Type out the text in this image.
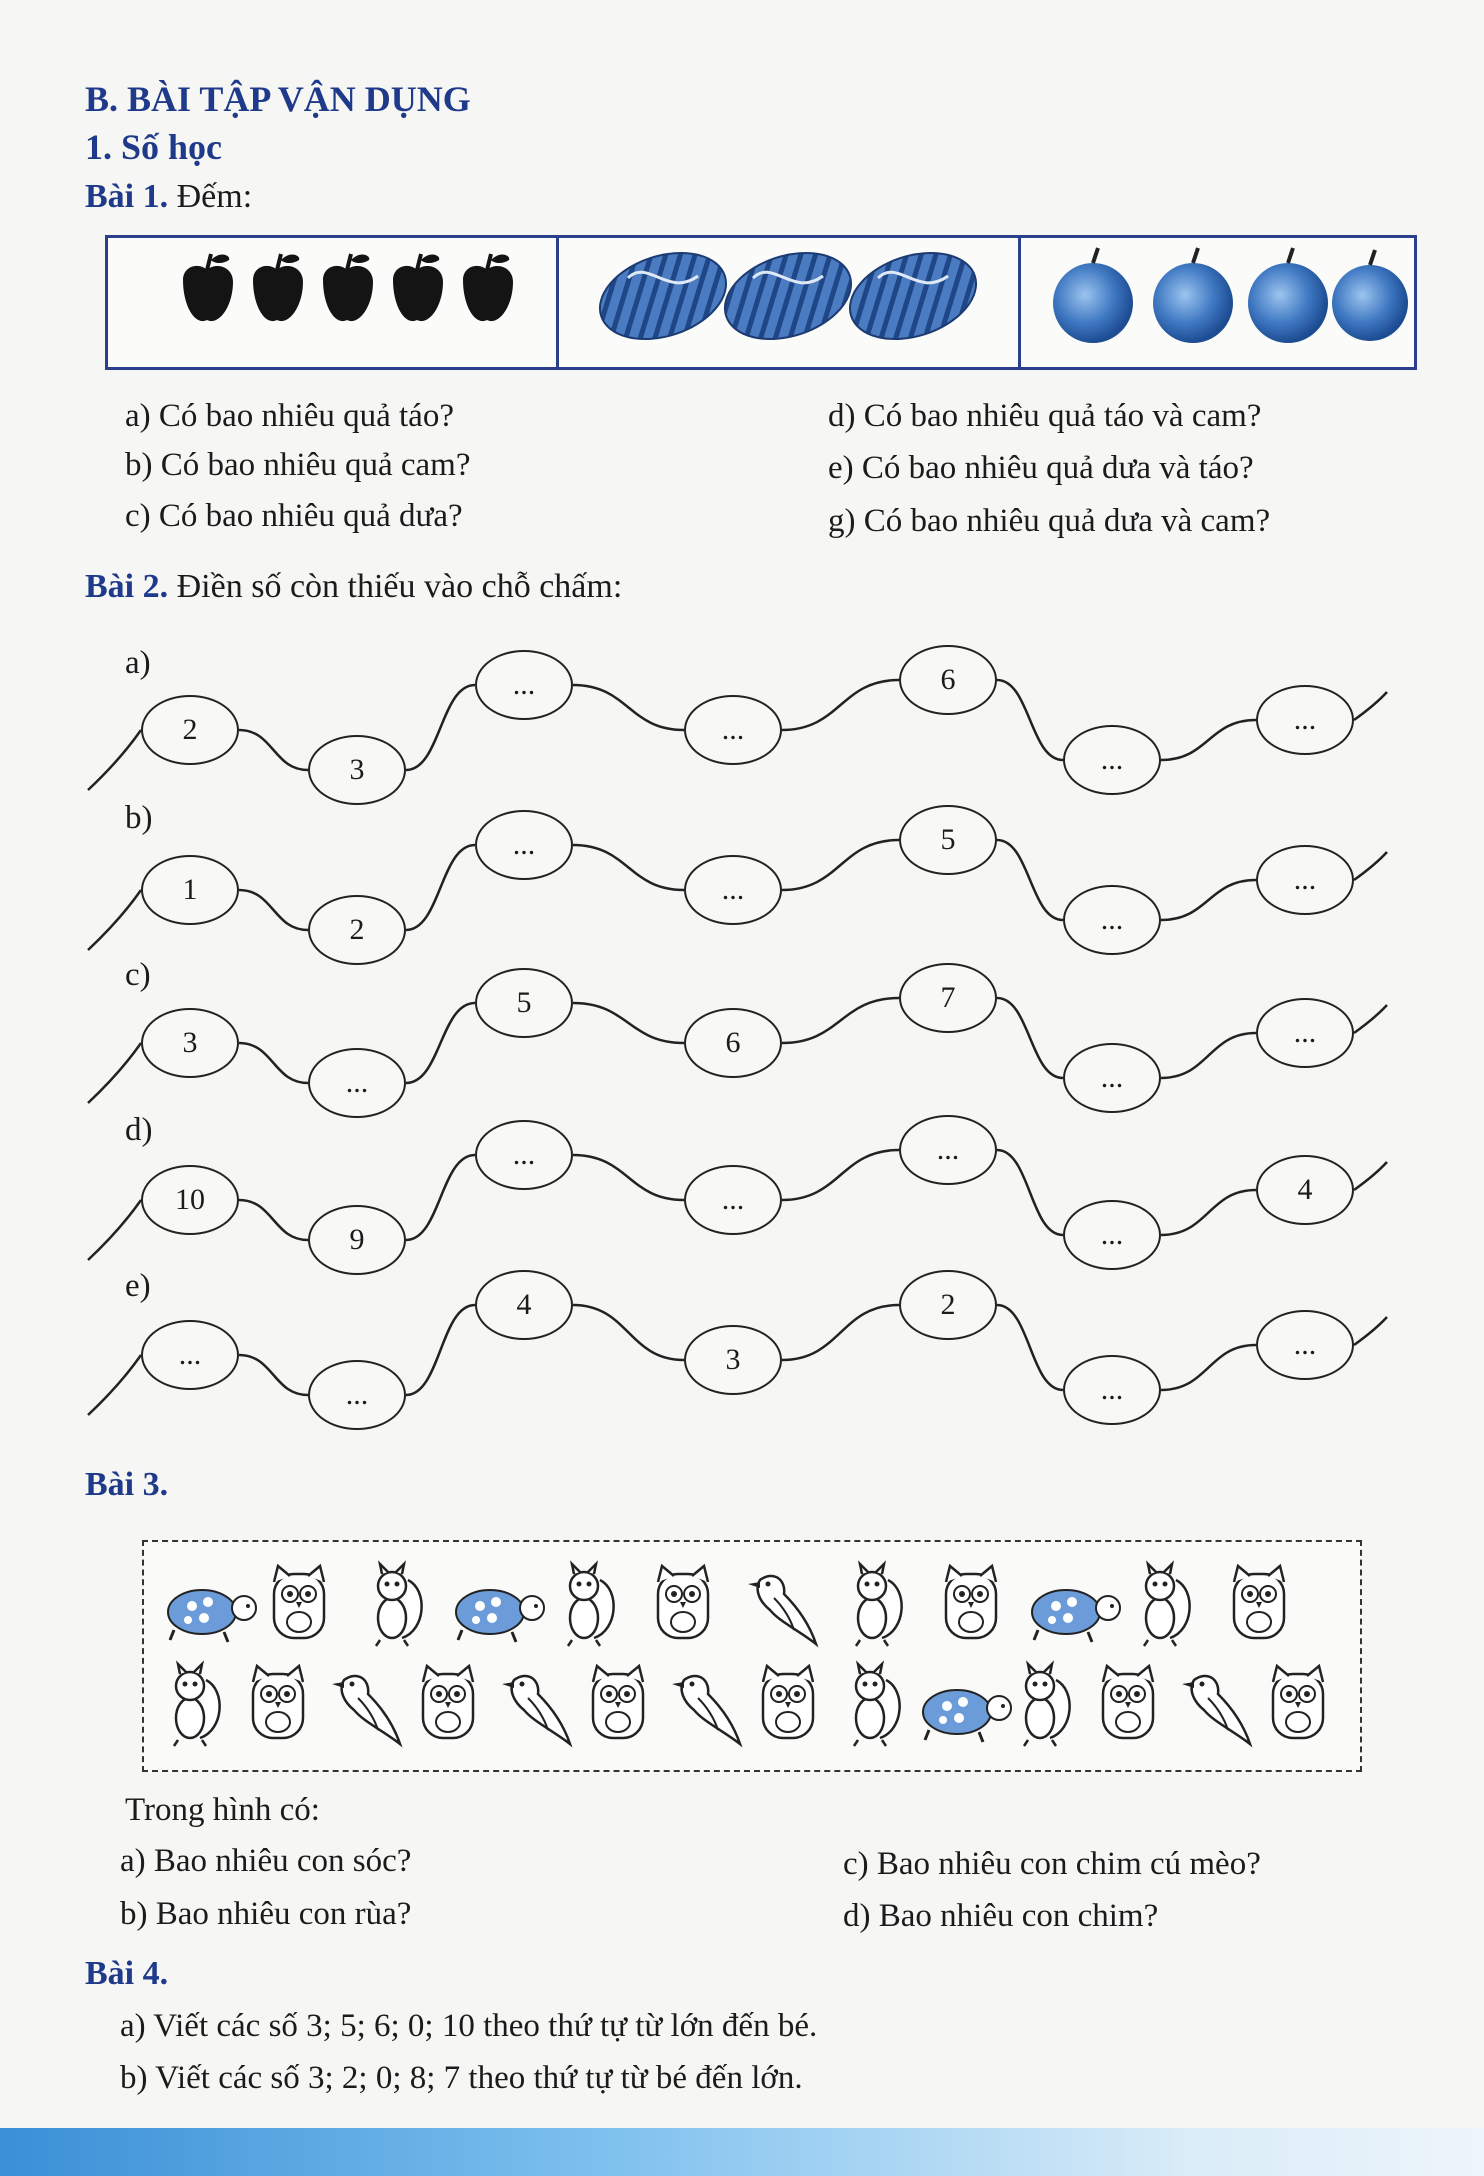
B. BÀI TẬP VẬN DỤNG
1. Số học
Bài 1. Đếm:
a) Có bao nhiêu quả táo?
b) Có bao nhiêu quả cam?
c) Có bao nhiêu quả dưa?
d) Có bao nhiêu quả táo và cam?
e) Có bao nhiêu quả dưa và táo?
g) Có bao nhiêu quả dưa và cam?
Bài 2. Điền số còn thiếu vào chỗ chấm:
a)
2
3
...
...
6
...
...
b)
1
2
...
...
5
...
...
c)
3
...
5
6
7
...
...
d)
10
9
...
...
...
...
4
e)
...
...
4
3
2
...
...
Bài 3.
Trong hình có:
a) Bao nhiêu con sóc?
b) Bao nhiêu con rùa?
c) Bao nhiêu con chim cú mèo?
d) Bao nhiêu con chim?
Bài 4.
a) Viết các số 3; 5; 6; 0; 10 theo thứ tự từ lớn đến bé.
b) Viết các số 3; 2; 0; 8; 7 theo thứ tự từ bé đến lớn.
